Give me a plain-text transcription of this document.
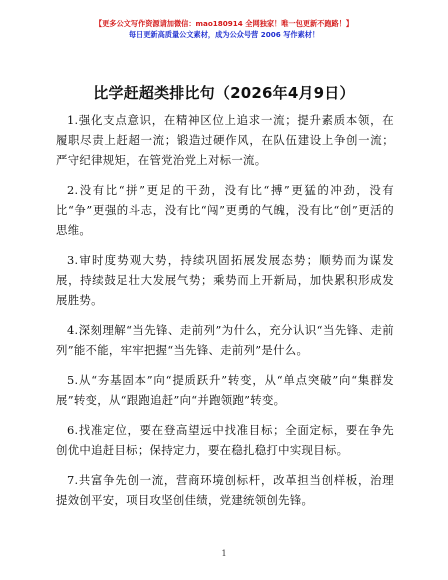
【更多公文写作资源请加微信：mao180914 全网独家！唯一包更新不跑路！】
每日更新高质量公文素材，成为公众号营 2006 写作素材！
比学赶超类排比句（2026年4月9日）

1.强化支点意识，在精神区位上追求一流；提升素质本领，在履职尽责上赶超一流；锻造过硬作风，在队伍建设上争创一流；严守纪律规矩，在管党治党上对标一流。

2.没有比“拼”更足的干劲，没有比“搏”更猛的冲劲，没有比“争”更强的斗志，没有比“闯”更勇的气魄，没有比“创”更活的思维。

3.审时度势观大势，持续巩固拓展发展态势；顺势而为谋发展，持续鼓足壮大发展气势；乘势而上开新局，加快累积形成发展胜势。

4.深刻理解“当先锋、走前列”为什么，充分认识“当先锋、走前列”能不能，牢牢把握“当先锋、走前列”是什么。

5.从“夯基固本”向“提质跃升”转变，从“单点突破”向“集群发展”转变，从“跟跑追赶”向“并跑领跑”转变。

6.找准定位，要在登高望远中找准目标；全面定标，要在争先创优中追赶目标；保持定力，要在稳扎稳打中实现目标。

7.共富争先创一流，营商环境创标杆，改革担当创样板，治理提效创平安，项目攻坚创佳绩，党建统领创先锋。

1
